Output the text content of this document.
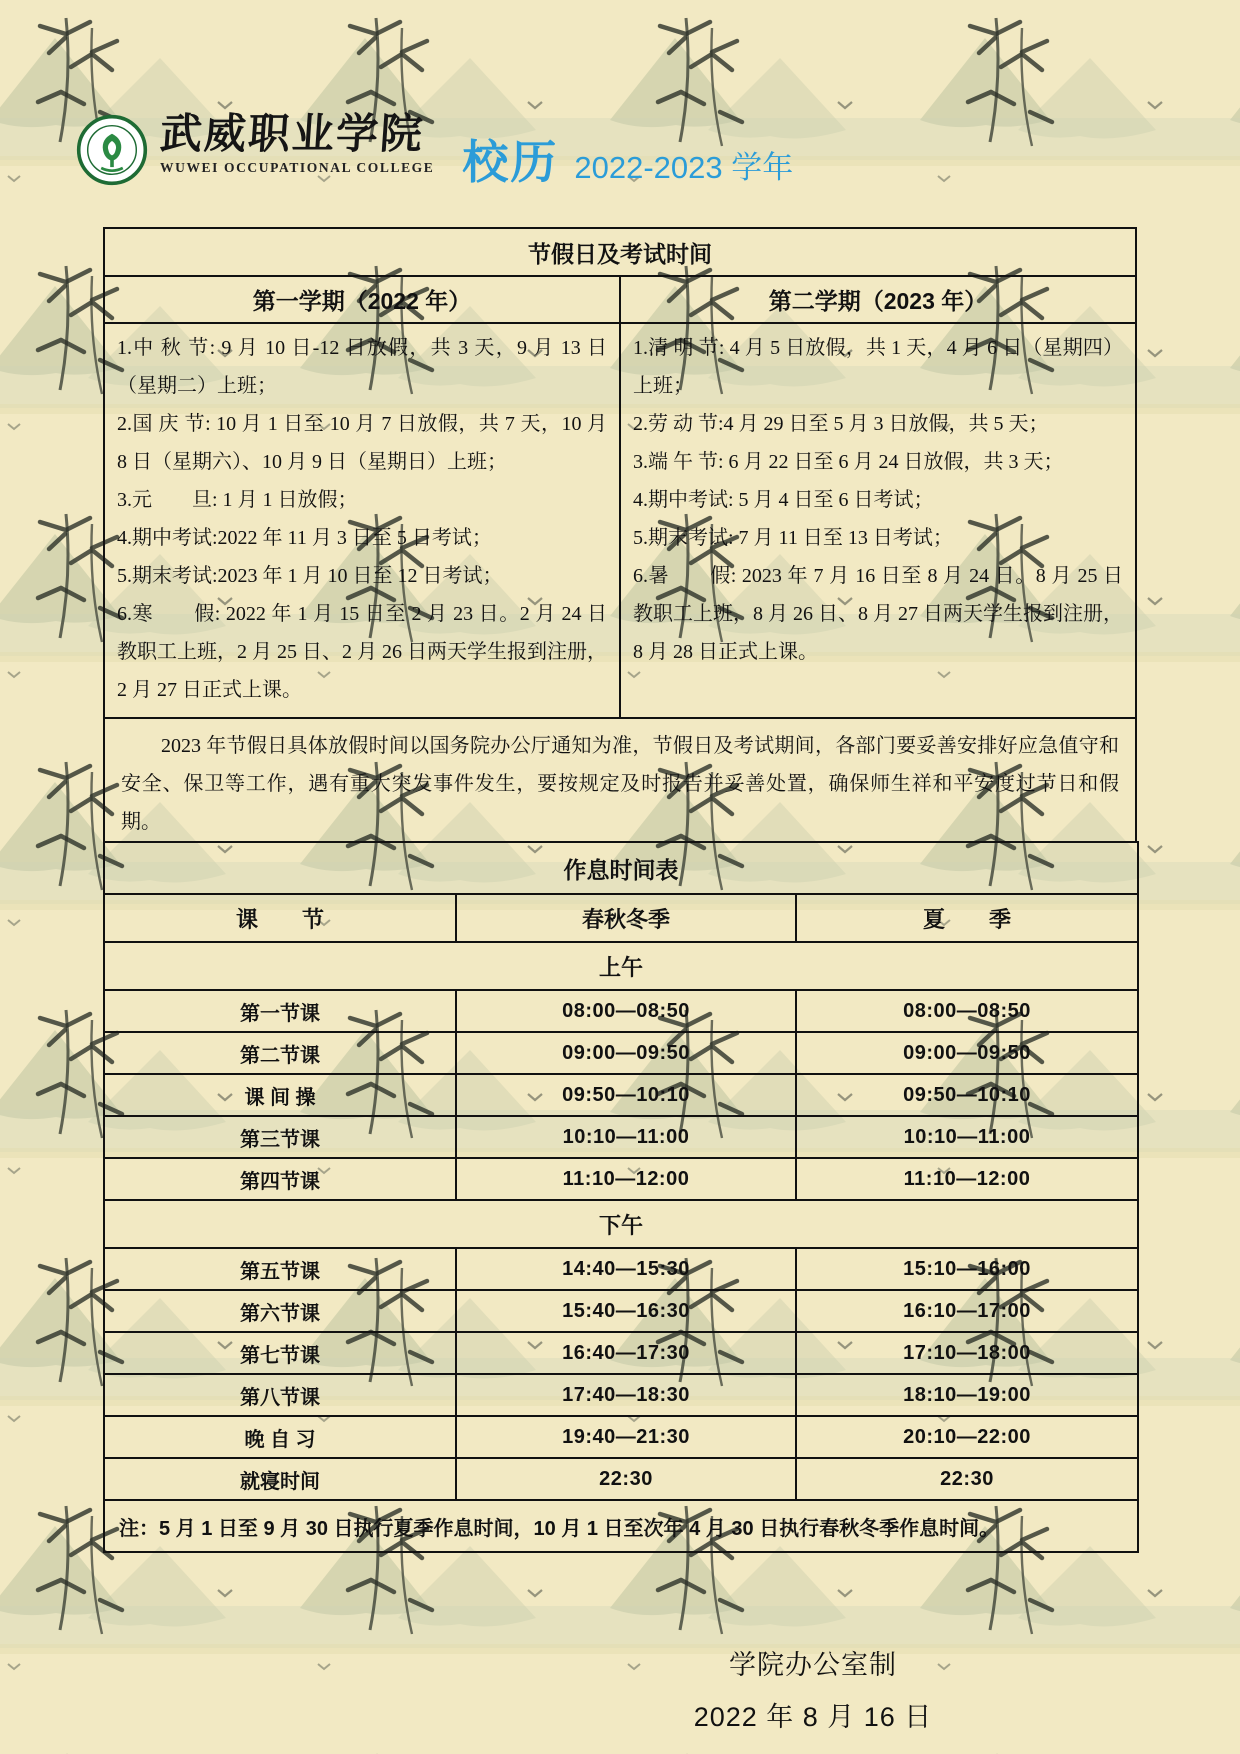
武威职业学院
WUWEI OCCUPATIONAL COLLEGE 校历 2022-2023 学年
节假日及考试时间	
第一学期（2022 年）	第二学期（2023 年）

1.中 秋 节: 9 月 10 日-12 日放假，共 3 天，9 月 13 日（星期二）上班；
2.国 庆 节: 10 月 1 日至 10 月 7 日放假，共 7 天，10 月 8 日（星期六）、10 月 9 日（星期日）上班；
3.元　　旦: 1 月 1 日放假；
4.期中考试:2022 年 11 月 3 日至 5 日考试；
5.期末考试:2023 年 1 月 10 日至 12 日考试；
6.寒　　假: 2022 年 1 月 15 日至 2 月 23 日。2 月 24 日教职工上班，2 月 25 日、2 月 26 日两天学生报到注册，2 月 27 日正式上课。

1.清 明 节: 4 月 5 日放假，共 1 天，4 月 6 日（星期四）上班；
2.劳 动 节:4 月 29 日至 5 月 3 日放假，共 5 天；
3.端 午 节: 6 月 22 日至 6 月 24 日放假，共 3 天；
4.期中考试: 5 月 4 日至 6 日考试；
5.期末考试: 7 月 11 日至 13 日考试；
6.暑　　假: 2023 年 7 月 16 日至 8 月 24 日。8 月 25 日教职工上班，8 月 26 日、8 月 27 日两天学生报到注册，8 月 28 日正式上课。

2023 年节假日具体放假时间以国务院办公厅通知为准，节假日及考试期间，各部门要妥善安排好应急值守和安全、保卫等工作，遇有重大突发事件发生，要按规定及时报告并妥善处置，确保师生祥和平安度过节日和假期。	

作息时间表		
课　　节	春秋冬季	夏　　季
上午		
第一节课	08:00—08:50	08:00—08:50
第二节课	09:00—09:50	09:00—09:50
课 间 操	09:50—10:10	09:50—10:10
第三节课	10:10—11:00	10:10—11:00
第四节课	11:10—12:00	11:10—12:00
下午		
第五节课	14:40—15:30	15:10—16:00
第六节课	15:40—16:30	16:10—17:00
第七节课	16:40—17:30	17:10—18:00
第八节课	17:40—18:30	18:10—19:00
晚 自 习	19:40—21:30	20:10—22:00
就寝时间	22:30	22:30
注：5 月 1 日至 9 月 30 日执行夏季作息时间，10 月 1 日至次年 4 月 30 日执行春秋冬季作息时间。		
学院办公室制
2022 年 8 月 16 日
